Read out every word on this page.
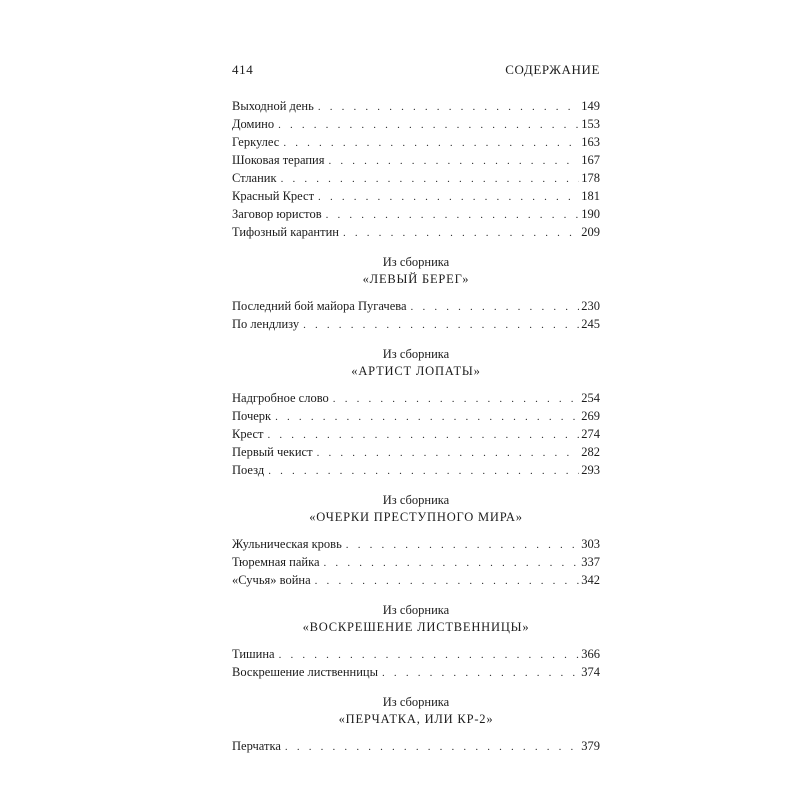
414	СОДЕРЖАНИЕ
Выходной день . . .	149
Домино . . .	153
Геркулес . . .	163
Шоковая терапия . . .	167
Стланик . . .	178
Красный Крест . . .	181
Заговор юристов . . .	190
Тифозный карантин . . .	209
Из сборника
«ЛЕВЫЙ БЕРЕГ»
Последний бой майора Пугачева . . .	230
По лендлизу . . .	245
Из сборника
«АРТИСТ ЛОПАТЫ»
Надгробное слово . . .	254
Почерк . . .	269
Крест . . .	274
Первый чекист . . .	282
Поезд . . .	293
Из сборника
«ОЧЕРКИ ПРЕСТУПНОГО МИРА»
Жульническая кровь . . .	303
Тюремная пайка . . .	337
«Сучья» война . . .	342
Из сборника
«ВОСКРЕШЕНИЕ ЛИСТВЕННИЦЫ»
Тишина . . .	366
Воскрешение лиственницы . . .	374
Из сборника
«ПЕРЧАТКА, ИЛИ КР-2»
Перчатка . . .	379
